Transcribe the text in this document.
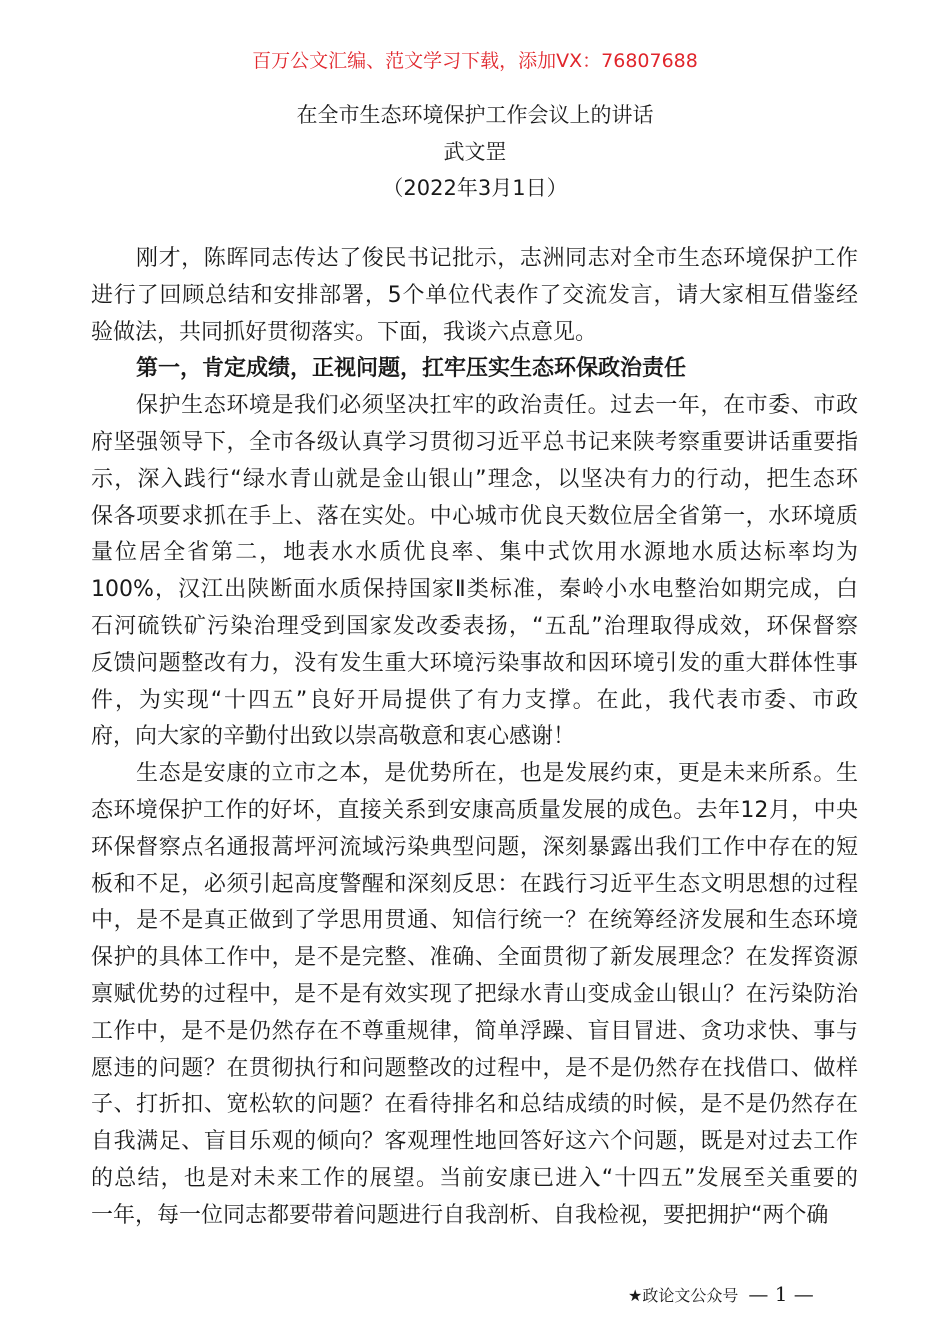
百万公文汇编、范文学习下载，添加VX：76807688
在全市生态环境保护工作会议上的讲话
武文罡
（2022年3月1日）
刚才，陈晖同志传达了俊民书记批示，志洲同志对全市生态环境保护工作
进行了回顾总结和安排部署，5个单位代表作了交流发言，请大家相互借鉴经
验做法，共同抓好贯彻落实。下面，我谈六点意见。
第一，肯定成绩，正视问题，扛牢压实生态环保政治责任
保护生态环境是我们必须坚决扛牢的政治责任。过去一年，在市委、市政
府坚强领导下，全市各级认真学习贯彻习近平总书记来陕考察重要讲话重要指
示，深入践行“绿水青山就是金山银山”理念，以坚决有力的行动，把生态环
保各项要求抓在手上、落在实处。中心城市优良天数位居全省第一，水环境质
量位居全省第二，地表水水质优良率、集中式饮用水源地水质达标率均为
100%，汉江出陕断面水质保持国家Ⅱ类标准，秦岭小水电整治如期完成，白
石河硫铁矿污染治理受到国家发改委表扬，“五乱”治理取得成效，环保督察
反馈问题整改有力，没有发生重大环境污染事故和因环境引发的重大群体性事
件，为实现“十四五”良好开局提供了有力支撑。在此，我代表市委、市政
府，向大家的辛勤付出致以崇高敬意和衷心感谢！
生态是安康的立市之本，是优势所在，也是发展约束，更是未来所系。生
态环境保护工作的好坏，直接关系到安康高质量发展的成色。去年12月，中央
环保督察点名通报蒿坪河流域污染典型问题，深刻暴露出我们工作中存在的短
板和不足，必须引起高度警醒和深刻反思：在践行习近平生态文明思想的过程
中，是不是真正做到了学思用贯通、知信行统一？在统筹经济发展和生态环境
保护的具体工作中，是不是完整、准确、全面贯彻了新发展理念？在发挥资源
禀赋优势的过程中，是不是有效实现了把绿水青山变成金山银山？在污染防治
工作中，是不是仍然存在不尊重规律，简单浮躁、盲目冒进、贪功求快、事与
愿违的问题？在贯彻执行和问题整改的过程中，是不是仍然存在找借口、做样
子、打折扣、宽松软的问题？在看待排名和总结成绩的时候，是不是仍然存在
自我满足、盲目乐观的倾向？客观理性地回答好这六个问题，既是对过去工作
的总结，也是对未来工作的展望。当前安康已进入“十四五”发展至关重要的
一年，每一位同志都要带着问题进行自我剖析、自我检视，要把拥护“两个确
★政论文公众号 — 1 —
